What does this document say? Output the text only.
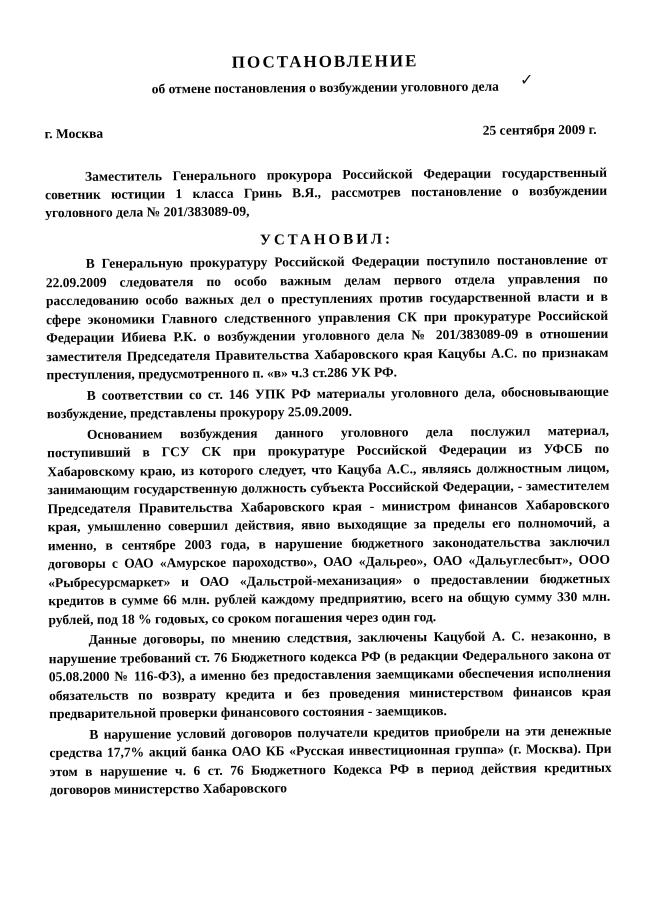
✓
ПОСТАНОВЛЕНИЕ
об отмене постановления о возбуждении уголовного дела
г. Москва	25 сентября 2009 г.

Заместитель Генерального прокурора Российской Федерации государственный советник юстиции 1 класса Гринь В.Я., рассмотрев постановление о возбуждении уголовного дела № 201/383089-09,

УСТАНОВИЛ:

В Генеральную прокуратуру Российской Федерации поступило постановление от 22.09.2009 следователя по особо важным делам первого отдела управления по расследованию особо важных дел о преступлениях против государственной власти и в сфере экономики Главного следственного управления СК при прокуратуре Российской Федерации Ибиева Р.К. о возбуждении уголовного дела № 201/383089-09 в отношении заместителя Председателя Правительства Хабаровского края Кацубы А.С. по признакам преступления, предусмотренного п. «в» ч.3 ст.286 УК РФ.

В соответствии со ст. 146 УПК РФ материалы уголовного дела, обосновывающие возбуждение, представлены прокурору 25.09.2009.

Основанием возбуждения данного уголовного дела послужил материал, поступивший в ГСУ СК при прокуратуре Российской Федерации из УФСБ по Хабаровскому краю, из которого следует, что Кацуба А.С., являясь должностным лицом, занимающим государственную должность субъекта Российской Федерации, - заместителем Председателя Правительства Хабаровского края - министром финансов Хабаровского края, умышленно совершил действия, явно выходящие за пределы его полномочий, а именно, в сентябре 2003 года, в нарушение бюджетного законодательства заключил договоры с ОАО «Амурское пароходство», ОАО «Дальрео», ОАО «Дальуглесбыт», ООО «Рыбресурсмаркет» и ОАО «Дальстрой-механизация» о предоставлении бюджетных кредитов в сумме 66 млн. рублей каждому предприятию, всего на общую сумму 330 млн. рублей, под 18 % годовых, со сроком погашения через один год.

Данные договоры, по мнению следствия, заключены Кацубой А. С. незаконно, в нарушение требований ст. 76 Бюджетного кодекса РФ (в редакции Федерального закона от 05.08.2000 № 116-ФЗ), а именно без предоставления заемщиками обеспечения исполнения обязательств по возврату кредита и без проведения министерством финансов края предварительной проверки финансового состояния - заемщиков.

В нарушение условий договоров получатели кредитов приобрели на эти денежные средства 17,7% акций банка ОАО КБ «Русская инвестиционная группа» (г. Москва). При этом в нарушение ч. 6 ст. 76 Бюджетного Кодекса РФ в период действия кредитных договоров министерство Хабаровского
